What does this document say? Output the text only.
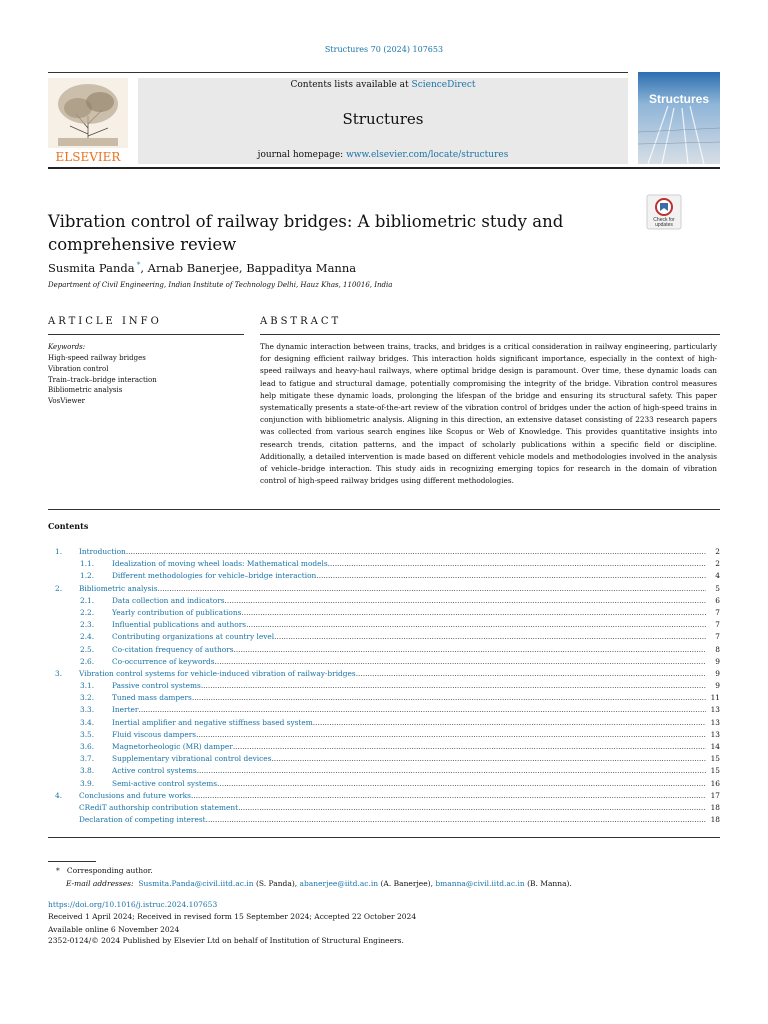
Structures 70 (2024) 107653
ELSEVIER
Contents lists available at ScienceDirect
Structures
journal homepage: www.elsevier.com/locate/structures
Structures
Check for
updates
Vibration control of railway bridges: A bibliometric study and comprehensive review
Susmita Panda *, Arnab Banerjee, Bappaditya Manna
Department of Civil Engineering, Indian Institute of Technology Delhi, Hauz Khas, 110016, India
ARTICLE INFO	ABSTRACT
Keywords:
High-speed railway bridges
Vibration control
Train–track–bridge interaction
Bibliometric analysis
VosViewer
The dynamic interaction between trains, tracks, and bridges is a critical consideration in railway engineering, particularly for designing efficient railway bridges. This interaction holds significant importance, especially in the context of high-speed railways and heavy-haul railways, where optimal bridge design is paramount. Over time, these dynamic loads can lead to fatigue and structural damage, potentially compromising the integrity of the bridge. Vibration control measures help mitigate these dynamic loads, prolonging the lifespan of the bridge and ensuring its structural safety. This paper systematically presents a state-of-the-art review of the vibration control of bridges under the action of high-speed trains in conjunction with bibliometric analysis. Aligning in this direction, an extensive dataset consisting of 2233 research papers was collected from various search engines like Scopus or Web of Knowledge. This provides quantitative insights into research trends, citation patterns, and the impact of scholarly publications within a specific field or discipline. Additionally, a detailed intervention is made based on different vehicle models and methodologies involved in the analysis of vehicle–bridge interaction. This study aids in recognizing emerging topics for research in the domain of vibration control of high-speed railway bridges using different methodologies.
Contents
1. Introduction .....	2
1.1. Idealization of moving wheel loads: Mathematical models .....	2
1.2. Different methodologies for vehicle–bridge interaction .....	4
2. Bibliometric analysis .....	5
2.1. Data collection and indicators .....	6
2.2. Yearly contribution of publications .....	7
2.3. Influential publications and authors .....	7
2.4. Contributing organizations at country level .....	7
2.5. Co-citation frequency of authors .....	8
2.6. Co-occurrence of keywords .....	9
3. Vibration control systems for vehicle-induced vibration of railway-bridges .....	9
3.1. Passive control systems .....	9
3.2. Tuned mass dampers .....	11
3.3. Inerter .....	13
3.4. Inertial amplifier and negative stiffness based system .....	13
3.5. Fluid viscous dampers .....	13
3.6. Magnetorheologic (MR) damper .....	14
3.7. Supplementary vibrational control devices .....	15
3.8. Active control systems .....	15
3.9. Semi-active control systems .....	16
4. Conclusions and future works .....	17
CRediT authorship contribution statement .....	18
Declaration of competing interest .....	18
* Corresponding author.
E-mail addresses: Susmita.Panda@civil.iitd.ac.in (S. Panda), abanerjee@iitd.ac.in (A. Banerjee), bmanna@civil.iitd.ac.in (B. Manna).
https://doi.org/10.1016/j.istruc.2024.107653
Received 1 April 2024; Received in revised form 15 September 2024; Accepted 22 October 2024
Available online 6 November 2024
2352-0124/© 2024 Published by Elsevier Ltd on behalf of Institution of Structural Engineers.
